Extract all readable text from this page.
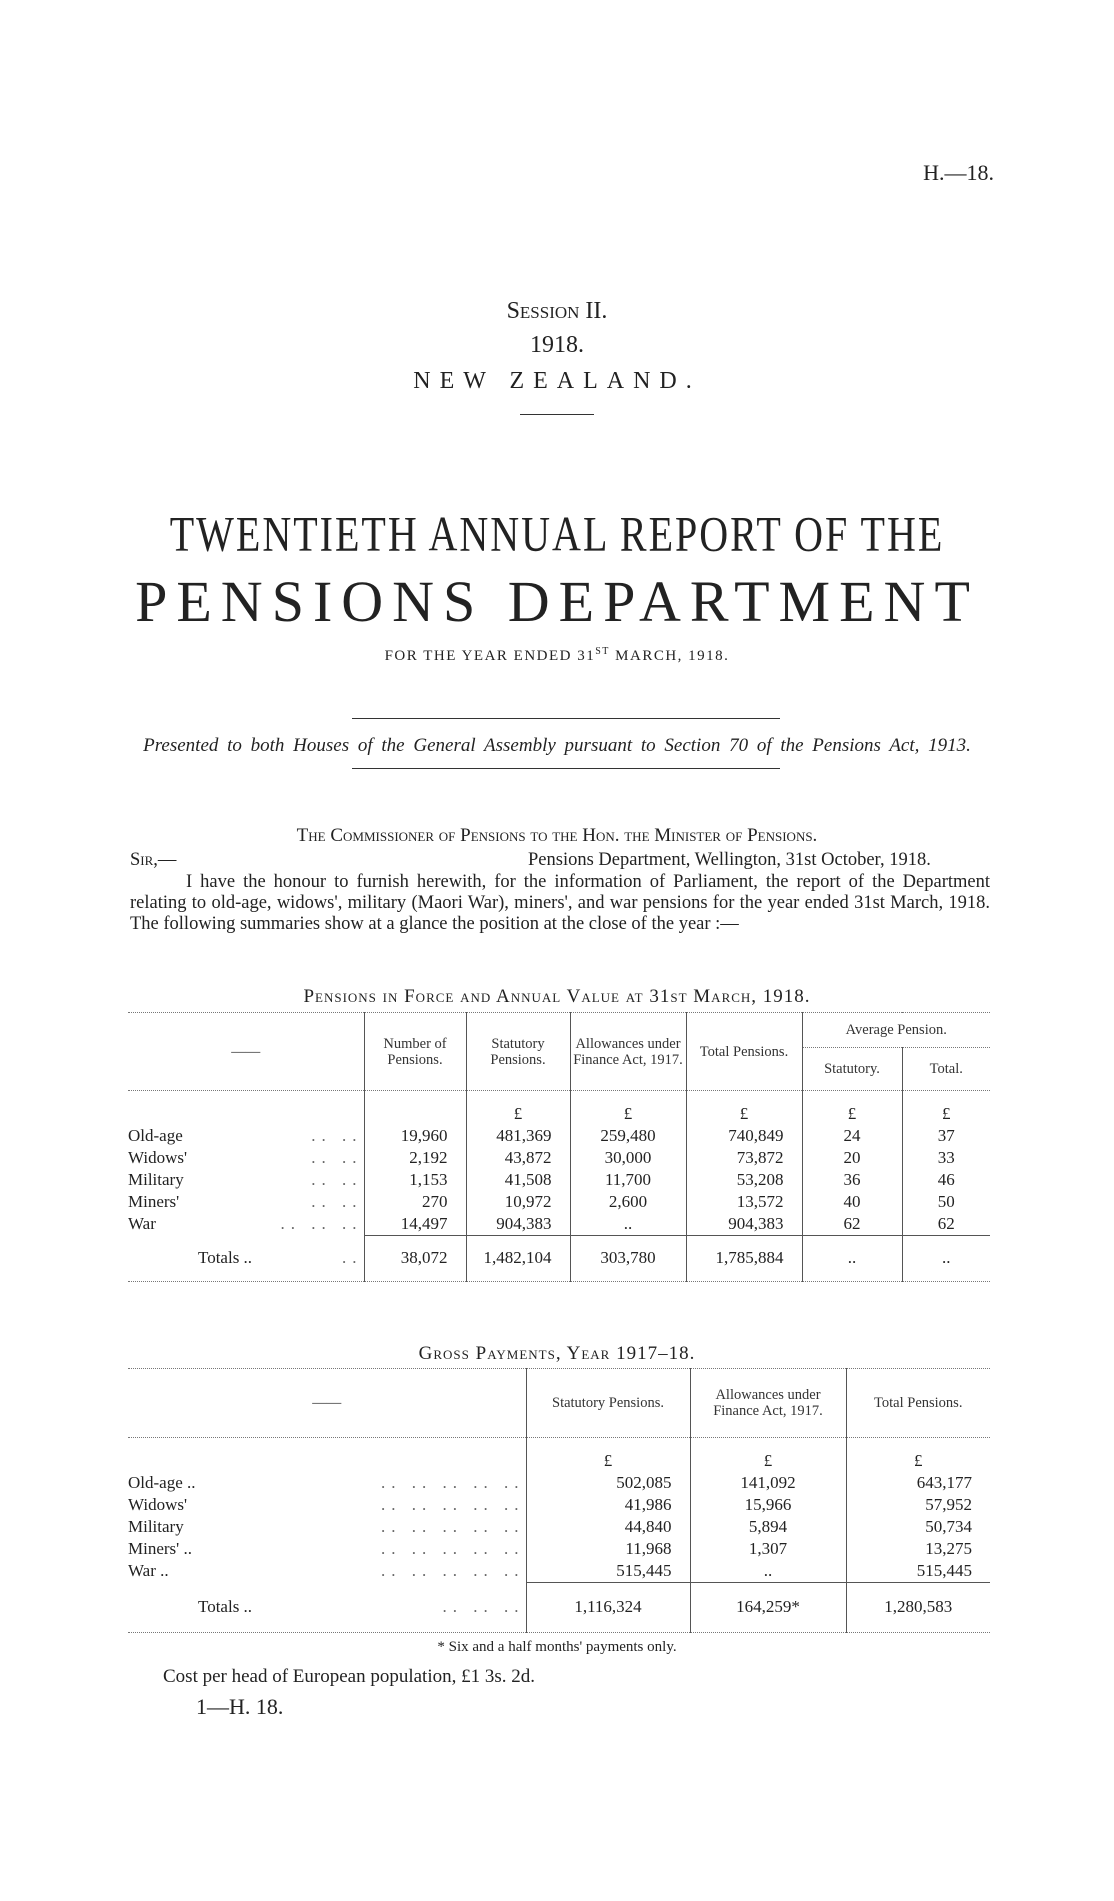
H.—18.
Session II.
1918.
NEW ZEALAND.
TWENTIETH ANNUAL REPORT OF THE
PENSIONS DEPARTMENT
FOR THE YEAR ENDED 31ST MARCH, 1918.
Presented to both Houses of the General Assembly pursuant to Section 70 of the Pensions Act, 1913.
The Commissioner of Pensions to the Hon. the Minister of Pensions.
Sir,—	Pensions Department, Wellington, 31st October, 1918.
I have the honour to furnish herewith, for the information of Parliament, the report of the Department relating to old-age, widows', military (Maori War), miners', and war pensions for the year ended 31st March, 1918. The following summaries show at a glance the position at the close of the year :—
Pensions in Force and Annual Value at 31st March, 1918.
——	Number of Pensions.	Statutory Pensions.	Allowances under Finance Act, 1917.	Total Pensions.	Average Pension.	
					Statutory.	Total.
		£	£	£	£	£
Old-age .. ..	19,960	481,369	259,480	740,849	24	37
Widows' .. ..	2,192	43,872	30,000	73,872	20	33
Military .. ..	1,153	41,508	11,700	53,208	36	46
Miners' .. ..	270	10,972	2,600	13,572	40	50
War .. .. ..	14,497	904,383	..	904,383	62	62
Totals .. ..	38,072	1,482,104	303,780	1,785,884	..	..
Gross Payments, Year 1917–18.
——	Statutory Pensions.	Allowances under Finance Act, 1917.	Total Pensions.
	£	£	£
Old-age .. .. .. .. .. ..	502,085	141,092	643,177
Widows' .. .. .. .. ..	41,986	15,966	57,952
Military .. .. .. .. ..	44,840	5,894	50,734
Miners' .. .. .. .. .. ..	11,968	1,307	13,275
War .. .. .. .. .. ..	515,445	..	515,445
Totals .. .. .. ..	1,116,324	164,259*	1,280,583
* Six and a half months' payments only.
Cost per head of European population, £1 3s. 2d.
1—H. 18.
